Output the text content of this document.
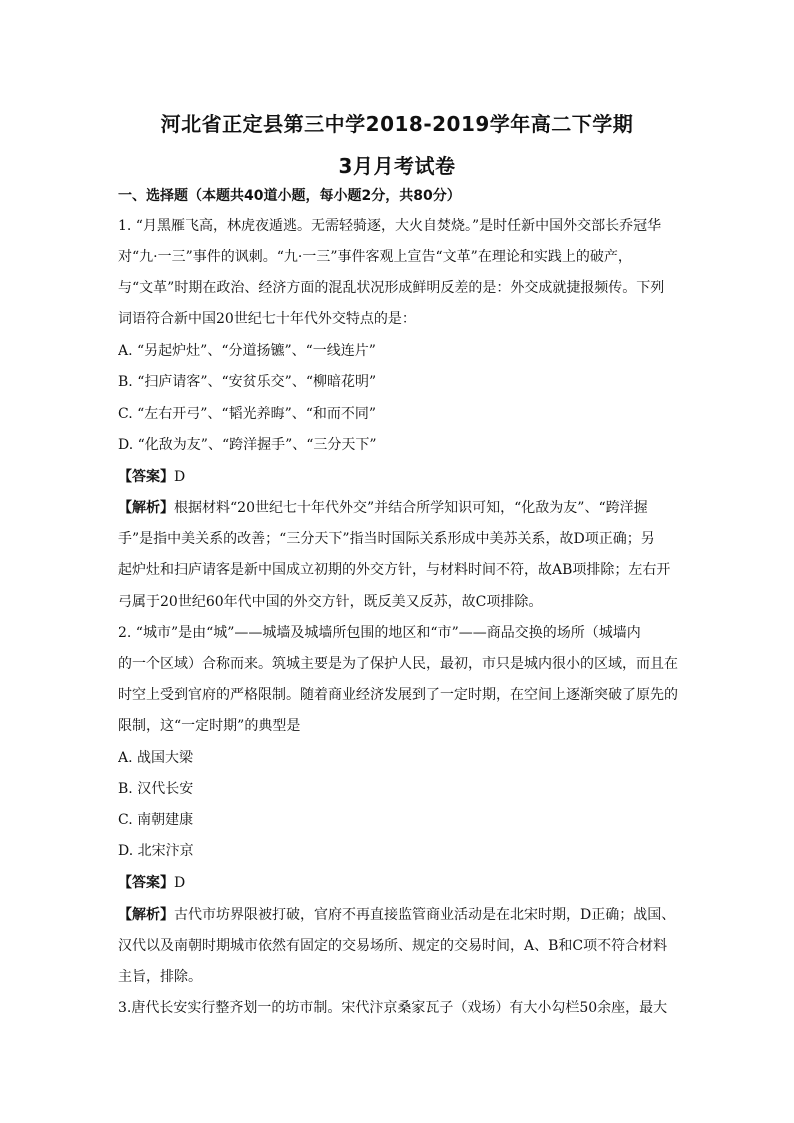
河北省正定县第三中学2018-2019学年高二下学期
3月月考试卷
一、选择题（本题共40道小题，每小题2分，共80分）
1. “月黑雁飞高，林虎夜遁逃。无需轻骑逐，大火自焚烧。”是时任新中国外交部长乔冠华
对“九·一三”事件的讽刺。“九·一三”事件客观上宣告“文革”在理论和实践上的破产，
与“文革”时期在政治、经济方面的混乱状况形成鲜明反差的是：外交成就捷报频传。下列
词语符合新中国20世纪七十年代外交特点的是：
A. “另起炉灶”、“分道扬镳”、“一线连片”
B. “扫庐请客”、“安贫乐交”、“柳暗花明”
C. “左右开弓”、“韬光养晦”、“和而不同”
D. “化敌为友”、“跨洋握手”、“三分天下”
【答案】D
【解析】根据材料“20世纪七十年代外交”并结合所学知识可知，“化敌为友”、“跨洋握
手”是指中美关系的改善；“三分天下”指当时国际关系形成中美苏关系，故D项正确；另
起炉灶和扫庐请客是新中国成立初期的外交方针，与材料时间不符，故AB项排除；左右开
弓属于20世纪60年代中国的外交方针，既反美又反苏，故C项排除。
2. “城市”是由“城”——城墙及城墙所包围的地区和“市”——商品交换的场所（城墙内
的一个区域）合称而来。筑城主要是为了保护人民，最初，市只是城内很小的区域，而且在
时空上受到官府的严格限制。随着商业经济发展到了一定时期，在空间上逐渐突破了原先的
限制，这“一定时期”的典型是
A. 战国大梁
B. 汉代长安
C. 南朝建康
D. 北宋汴京
【答案】D
【解析】古代市坊界限被打破，官府不再直接监管商业活动是在北宋时期，D正确；战国、
汉代以及南朝时期城市依然有固定的交易场所、规定的交易时间，A、B和C项不符合材料
主旨，排除。
3.唐代长安实行整齐划一的坊市制。宋代汴京桑家瓦子（戏场）有大小勾栏50余座，最大
